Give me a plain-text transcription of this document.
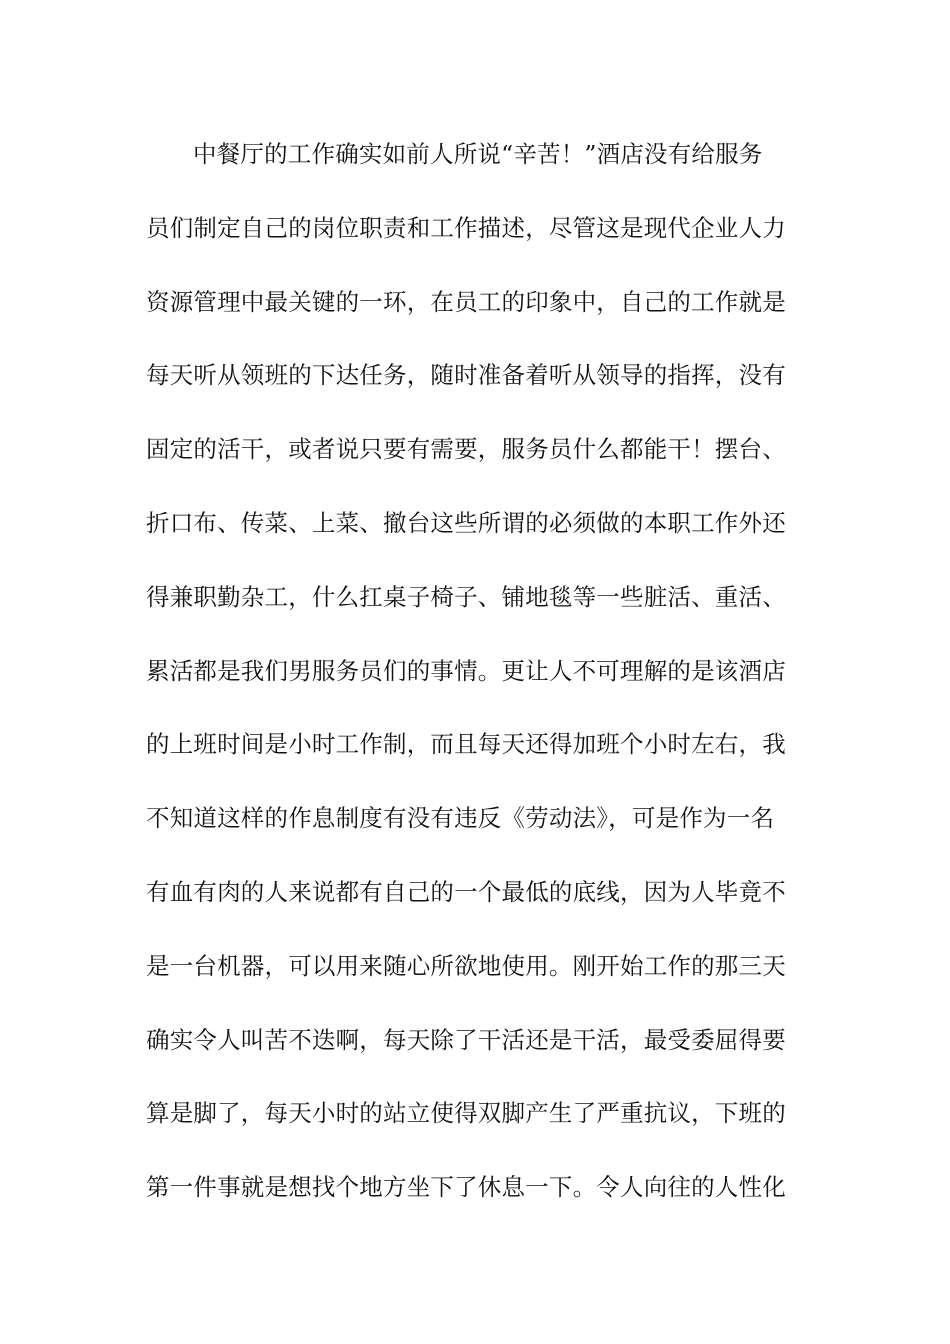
中餐厅的工作确实如前人所说“辛苦！”酒店没有给服务
员们制定自己的岗位职责和工作描述，尽管这是现代企业人力
资源管理中最关键的一环，在员工的印象中，自己的工作就是
每天听从领班的下达任务，随时准备着听从领导的指挥，没有
固定的活干，或者说只要有需要，服务员什么都能干！摆台、
折口布、传菜、上菜、撤台这些所谓的必须做的本职工作外还
得兼职勤杂工，什么扛桌子椅子、铺地毯等一些脏活、重活、
累活都是我们男服务员们的事情。更让人不可理解的是该酒店
的上班时间是小时工作制，而且每天还得加班个小时左右，我
不知道这样的作息制度有没有违反《劳动法》，可是作为一名
有血有肉的人来说都有自己的一个最低的底线，因为人毕竟不
是一台机器，可以用来随心所欲地使用。刚开始工作的那三天
确实令人叫苦不迭啊，每天除了干活还是干活，最受委屈得要
算是脚了，每天小时的站立使得双脚产生了严重抗议，下班的
第一件事就是想找个地方坐下了休息一下。令人向往的人性化
